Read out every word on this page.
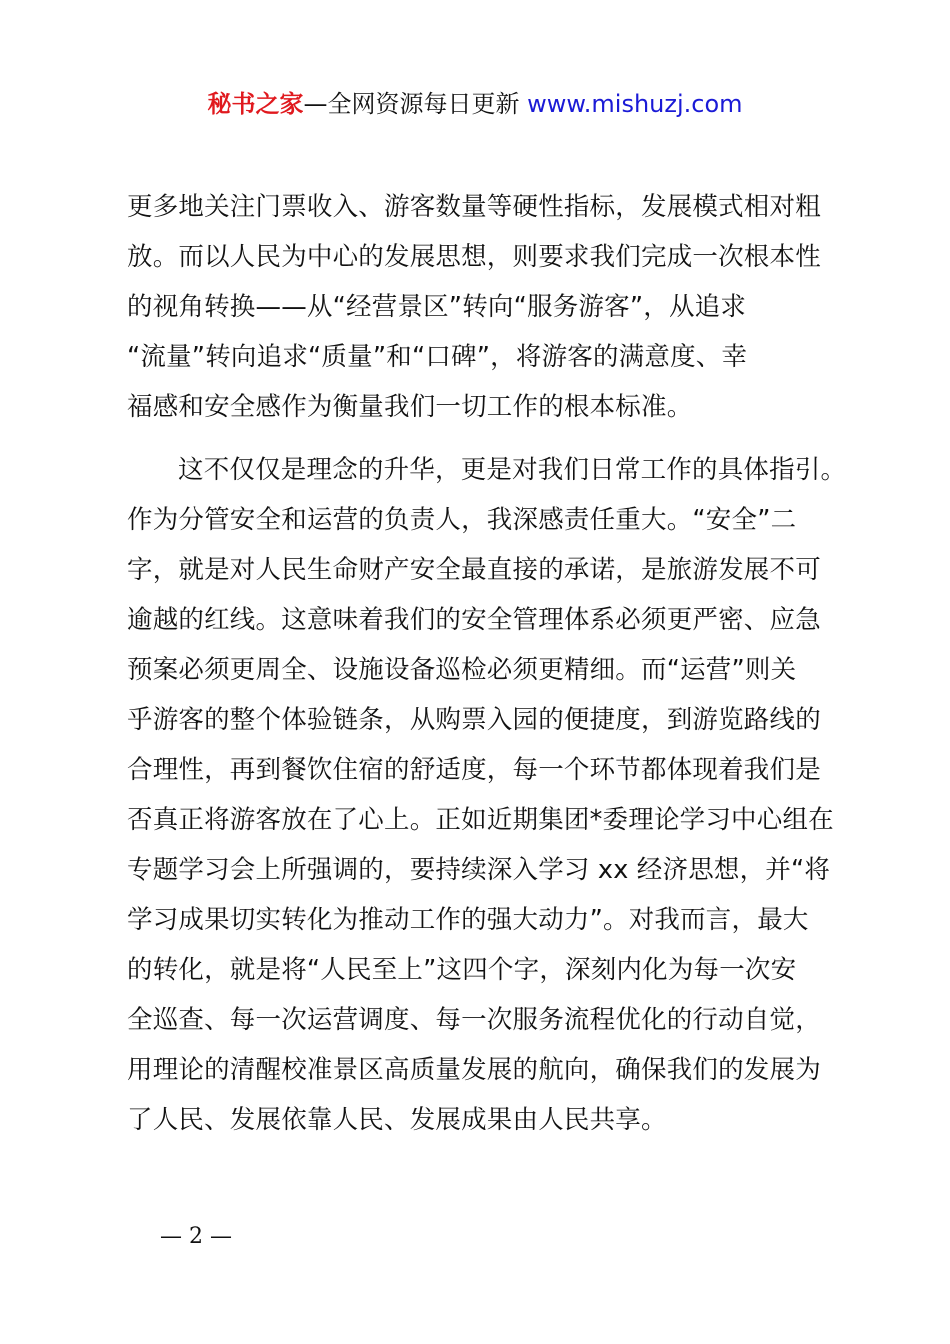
秘书之家—全网资源每日更新 www.mishuzj.com
更多地关注门票收入、游客数量等硬性指标，发展模式相对粗
放。而以人民为中心的发展思想，则要求我们完成一次根本性
的视角转换——从“经营景区”转向“服务游客”，从追求
“流量”转向追求“质量”和“口碑”，将游客的满意度、幸
福感和安全感作为衡量我们一切工作的根本标准。
这不仅仅是理念的升华，更是对我们日常工作的具体指引。
作为分管安全和运营的负责人，我深感责任重大。“安全”二
字，就是对人民生命财产安全最直接的承诺，是旅游发展不可
逾越的红线。这意味着我们的安全管理体系必须更严密、应急
预案必须更周全、设施设备巡检必须更精细。而“运营”则关
乎游客的整个体验链条，从购票入园的便捷度，到游览路线的
合理性，再到餐饮住宿的舒适度，每一个环节都体现着我们是
否真正将游客放在了心上。正如近期集团*委理论学习中心组在
专题学习会上所强调的，要持续深入学习 xx 经济思想，并“将
学习成果切实转化为推动工作的强大动力”。对我而言，最大
的转化，就是将“人民至上”这四个字，深刻内化为每一次安
全巡查、每一次运营调度、每一次服务流程优化的行动自觉，
用理论的清醒校准景区高质量发展的航向，确保我们的发展为
了人民、发展依靠人民、发展成果由人民共享。
— 2 —
